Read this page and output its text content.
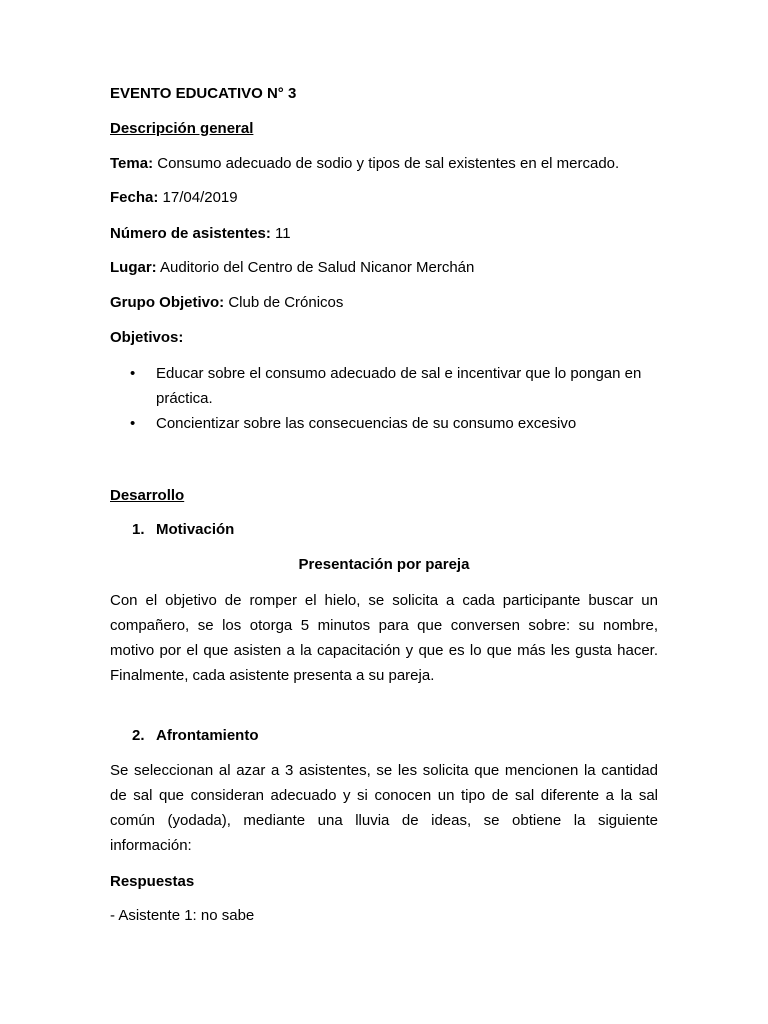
EVENTO EDUCATIVO N° 3
Descripción general
Tema: Consumo adecuado de sodio y tipos de sal existentes en el mercado.
Fecha: 17/04/2019
Número de asistentes: 11
Lugar: Auditorio del Centro de Salud Nicanor Merchán
Grupo Objetivo: Club de Crónicos
Objetivos:
• Educar sobre el consumo adecuado de sal e incentivar que lo pongan en práctica.
• Concientizar sobre las consecuencias de su consumo excesivo
Desarrollo
1. Motivación
Presentación por pareja
Con el objetivo de romper el hielo, se solicita a cada participante buscar un compañero, se los otorga 5 minutos para que conversen sobre: su nombre, motivo por el que asisten a la capacitación y que es lo que más les gusta hacer. Finalmente, cada asistente presenta a su pareja.
2. Afrontamiento
Se seleccionan al azar a 3 asistentes, se les solicita que mencionen la cantidad de sal que consideran adecuado y si conocen un tipo de sal diferente a la sal común (yodada), mediante una lluvia de ideas, se obtiene la siguiente información:
Respuestas
- Asistente 1: no sabe
